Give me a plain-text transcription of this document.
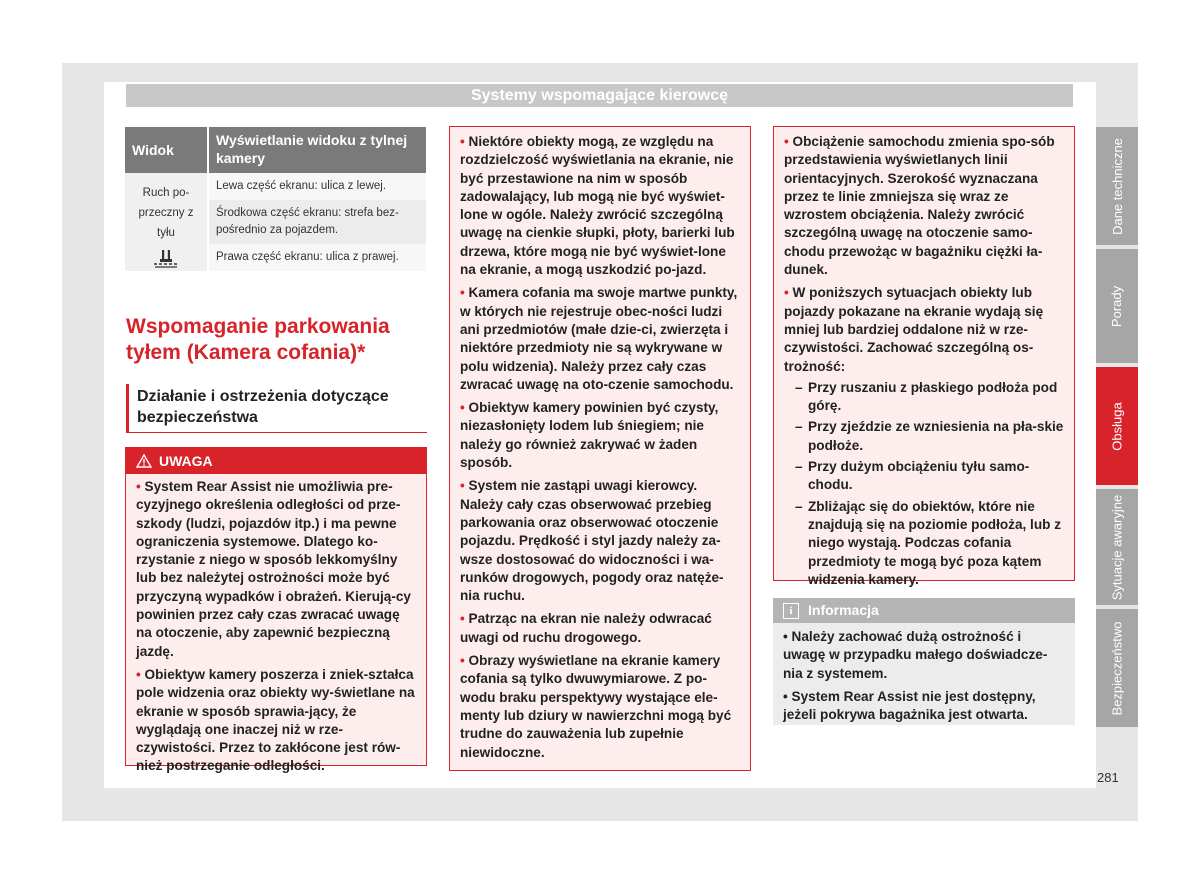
Systemy wspomagające kierowcę
Widok
Wyświetlanie widoku z tylnej kamery
Ruch po-
przeczny z
tyłu
Lewa część ekranu: ulica z lewej.
Środkowa część ekranu: strefa bez-pośrednio za pojazdem.
Prawa część ekranu: ulica z prawej.
Wspomaganie parkowania tyłem (Kamera cofania)*
Działanie i ostrzeżenia dotyczące bezpieczeństwa
UWAGA

• System Rear Assist nie umożliwia pre-cyzyjnego określenia odległości od prze-szkody (ludzi, pojazdów itp.) i ma pewne ograniczenia systemowe. Dlatego ko-rzystanie z niego w sposób lekkomyślny lub bez należytej ostrożności może być przyczyną wypadków i obrażeń. Kierują-cy powinien przez cały czas zwracać uwagę na otoczenie, aby zapewnić bezpieczną jazdę.

• Obiektyw kamery poszerza i zniek-ształca pole widzenia oraz obiekty wy-świetlane na ekranie w sposób sprawia-jący, że wyglądają one inaczej niż w rze-czywistości. Przez to zakłócone jest rów-nież postrzeganie odległości.

• Niektóre obiekty mogą, ze względu na rozdzielczość wyświetlania na ekranie, nie być przestawione na nim w sposób zadowalający, lub mogą nie być wyświet-lone w ogóle. Należy zwrócić szczególną uwagę na cienkie słupki, płoty, barierki lub drzewa, które mogą nie być wyświet-lone na ekranie, a mogą uszkodzić po-jazd.

• Kamera cofania ma swoje martwe punkty, w których nie rejestruje obec-ności ludzi ani przedmiotów (małe dzie-ci, zwierzęta i niektóre przedmioty nie są wykrywane w polu widzenia). Należy przez cały czas zwracać uwagę na oto-czenie samochodu.

• Obiektyw kamery powinien być czysty, niezasłonięty lodem lub śniegiem; nie należy go również zakrywać w żaden sposób.

• System nie zastąpi uwagi kierowcy. Należy cały czas obserwować przebieg parkowania oraz obserwować otoczenie pojazdu. Prędkość i styl jazdy należy za-wsze dostosować do widoczności i wa-runków drogowych, pogody oraz natęże-nia ruchu.

• Patrząc na ekran nie należy odwracać uwagi od ruchu drogowego.

• Obrazy wyświetlane na ekranie kamery cofania są tylko dwuwymiarowe. Z po-wodu braku perspektywy wystające ele-menty lub dziury w nawierzchni mogą być trudne do zauważenia lub zupełnie niewidoczne.

• Obciążenie samochodu zmienia spo-sób przedstawienia wyświetlanych linii orientacyjnych. Szerokość wyznaczana przez te linie zmniejsza się wraz ze wzrostem obciążenia. Należy zwrócić szczególną uwagę na otoczenie samo-chodu przewożąc w bagażniku ciężki ła-dunek.

• W poniższych sytuacjach obiekty lub pojazdy pokazane na ekranie wydają się mniej lub bardziej oddalone niż w rze-czywistości. Zachować szczególną os-trożność:

– Przy ruszaniu z płaskiego podłoża pod górę.
– Przy zjeździe ze wzniesienia na pła-skie podłoże.
– Przy dużym obciążeniu tyłu samo-chodu.
– Zbliżając się do obiektów, które nie znajdują się na poziomie podłoża, lub z niego wystają. Podczas cofania przedmioty te mogą być poza kątem widzenia kamery.
i	Informacja

• Należy zachować dużą ostrożność i uwagę w przypadku małego doświadcze-nia z systemem.

• System Rear Assist nie jest dostępny, jeżeli pokrywa bagażnika jest otwarta.

Dane techniczne
Porady
Obsługa
Sytuacje awaryjne
Bezpieczeństwo
281
